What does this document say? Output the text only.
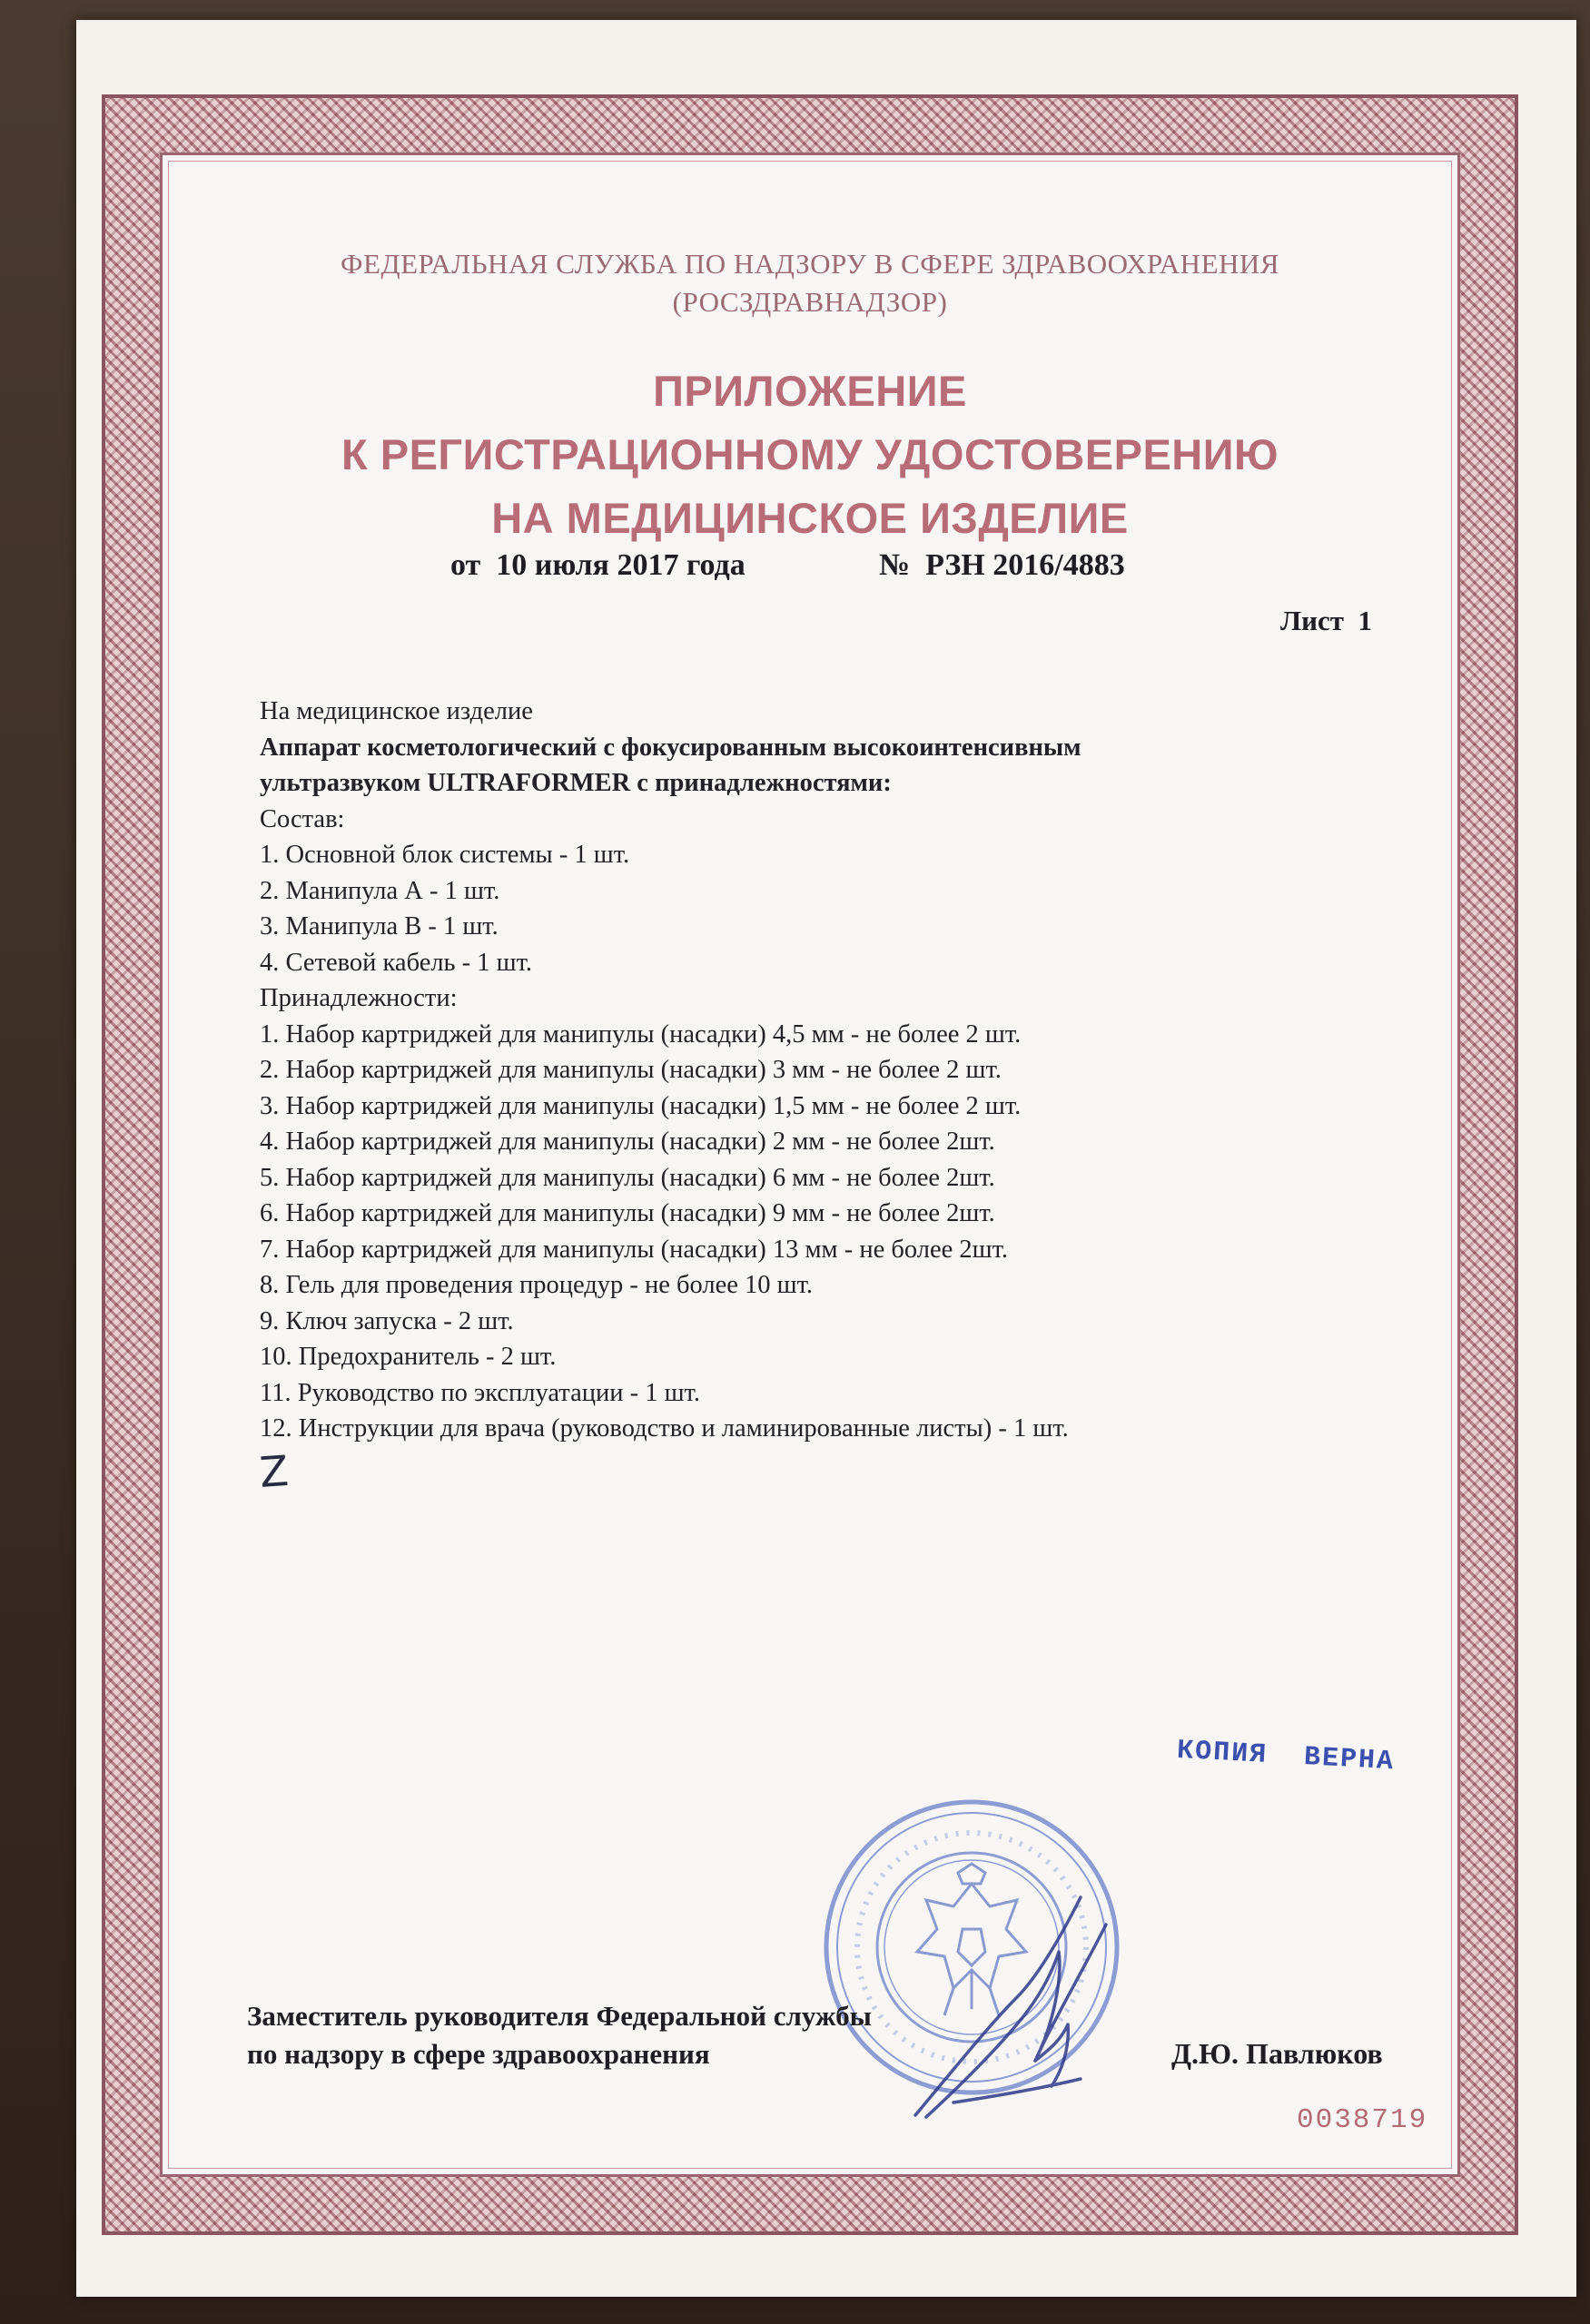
ФЕДЕРАЛЬНАЯ СЛУЖБА ПО НАДЗОРУ В СФЕРЕ ЗДРАВООХРАНЕНИЯ
(РОСЗДРАВНАДЗОР)
ПРИЛОЖЕНИЕ
К РЕГИСТРАЦИОННОМУ УДОСТОВЕРЕНИЮ
НА МЕДИЦИНСКОЕ ИЗДЕЛИЕ
от  10 июля 2017 года	№  РЗН 2016/4883
Лист  1
На медицинское изделие
Аппарат косметологический с фокусированным высокоинтенсивным
ультразвуком ULTRAFORMER с принадлежностями:
Состав:
1. Основной блок системы - 1 шт.
2. Манипула А - 1 шт.
3. Манипула В - 1 шт.
4. Сетевой кабель - 1 шт.
Принадлежности:
1. Набор картриджей для манипулы (насадки) 4,5 мм - не более 2 шт.
2. Набор картриджей для манипулы (насадки) 3 мм - не более 2 шт.
3. Набор картриджей для манипулы (насадки) 1,5 мм - не более 2 шт.
4. Набор картриджей для манипулы (насадки) 2 мм - не более 2шт.
5. Набор картриджей для манипулы (насадки) 6 мм - не более 2шт.
6. Набор картриджей для манипулы (насадки) 9 мм - не более 2шт.
7. Набор картриджей для манипулы (насадки) 13 мм - не более 2шт.
8. Гель для проведения процедур - не более 10 шт.
9. Ключ запуска - 2 шт.
10. Предохранитель - 2 шт.
11. Руководство по эксплуатации - 1 шт.
12. Инструкции для врача (руководство и ламинированные листы) - 1 шт.
Z
КОПИЯ  ВЕРНА
Заместитель руководителя Федеральной службы
по надзору в сфере здравоохранения	Д.Ю. Павлюков
0038719
